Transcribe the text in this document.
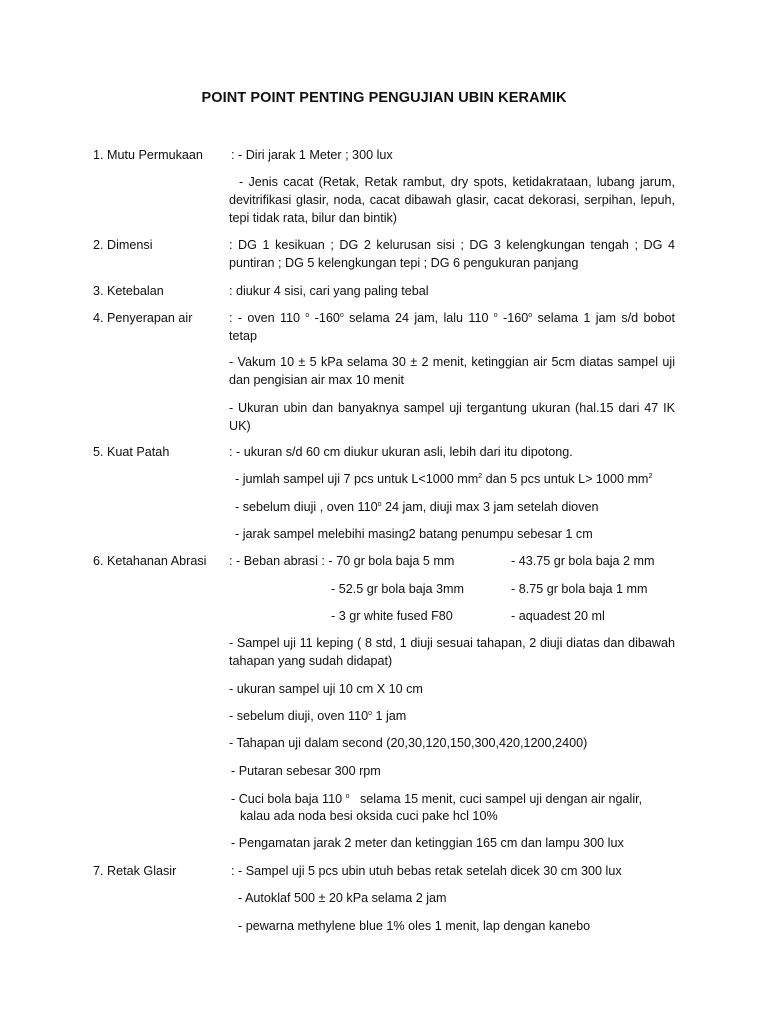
POINT POINT PENTING PENGUJIAN UBIN KERAMIK
1. Mutu Permukaan : - Diri jarak 1 Meter ; 300 lux
- Jenis cacat (Retak, Retak rambut, dry spots, ketidakrataan, lubang jarum, devitrifikasi glasir, noda, cacat dibawah glasir, cacat dekorasi, serpihan, lepuh, tepi tidak rata, bilur dan bintik)
2. Dimensi	: DG 1 kesikuan ; DG 2 kelurusan sisi ; DG 3 kelengkungan tengah ; DG 4 puntiran ; DG 5 kelengkungan tepi ; DG 6 pengukuran panjang
3. Ketebalan	: diukur 4 sisi, cari yang paling tebal
4. Penyerapan air	: - oven 110 $^o$ -160$^o$ selama 24 jam, lalu 110 $^o$ -160$^o$ selama 1 jam s/d bobot tetap
- Vakum 10 ± 5 kPa selama 30 ± 2 menit, ketinggian air 5cm diatas sampel uji dan pengisian air max 10 menit
- Ukuran ubin dan banyaknya sampel uji tergantung ukuran (hal.15 dari 47 IK UK)
5. Kuat Patah	: - ukuran s/d 60 cm diukur ukuran asli, lebih dari itu dipotong.
- jumlah sampel uji 7 pcs untuk L<1000 $mm^2$ dan 5 pcs untuk L> 1000 $mm^2$
- sebelum diuji , oven 110$^o$ 24 jam, diuji max 3 jam setelah dioven
- jarak sampel melebihi masing2 batang penumpu sebesar 1 cm
6. Ketahanan Abrasi : - Beban abrasi : - 70 gr bola baja 5 mm	- 43.75 gr bola baja 2 mm
- 52.5 gr bola baja 3mm	- 8.75 gr bola baja 1 mm
- 3 gr white fused F80	- aquadest 20 ml
- Sampel uji 11 keping ( 8 std, 1 diuji sesuai tahapan, 2 diuji diatas dan dibawah tahapan yang sudah didapat)
- ukuran sampel uji 10 cm X 10 cm
- sebelum diuji, oven 110$^o$ 1 jam
- Tahapan uji dalam second (20,30,120,150,300,420,1200,2400)
- Putaran sebesar 300 rpm
- Cuci bola baja 110 $^o$ selama 15 menit, cuci sampel uji dengan air ngalir,
kalau ada noda besi oksida cuci pake hcl 10%
- Pengamatan jarak 2 meter dan ketinggian 165 cm dan lampu 300 lux
7. Retak Glasir	: - Sampel uji 5 pcs ubin utuh bebas retak setelah dicek 30 cm 300 lux
- Autoklaf 500 ± 20 kPa selama 2 jam
- pewarna methylene blue 1% oles 1 menit, lap dengan kanebo
